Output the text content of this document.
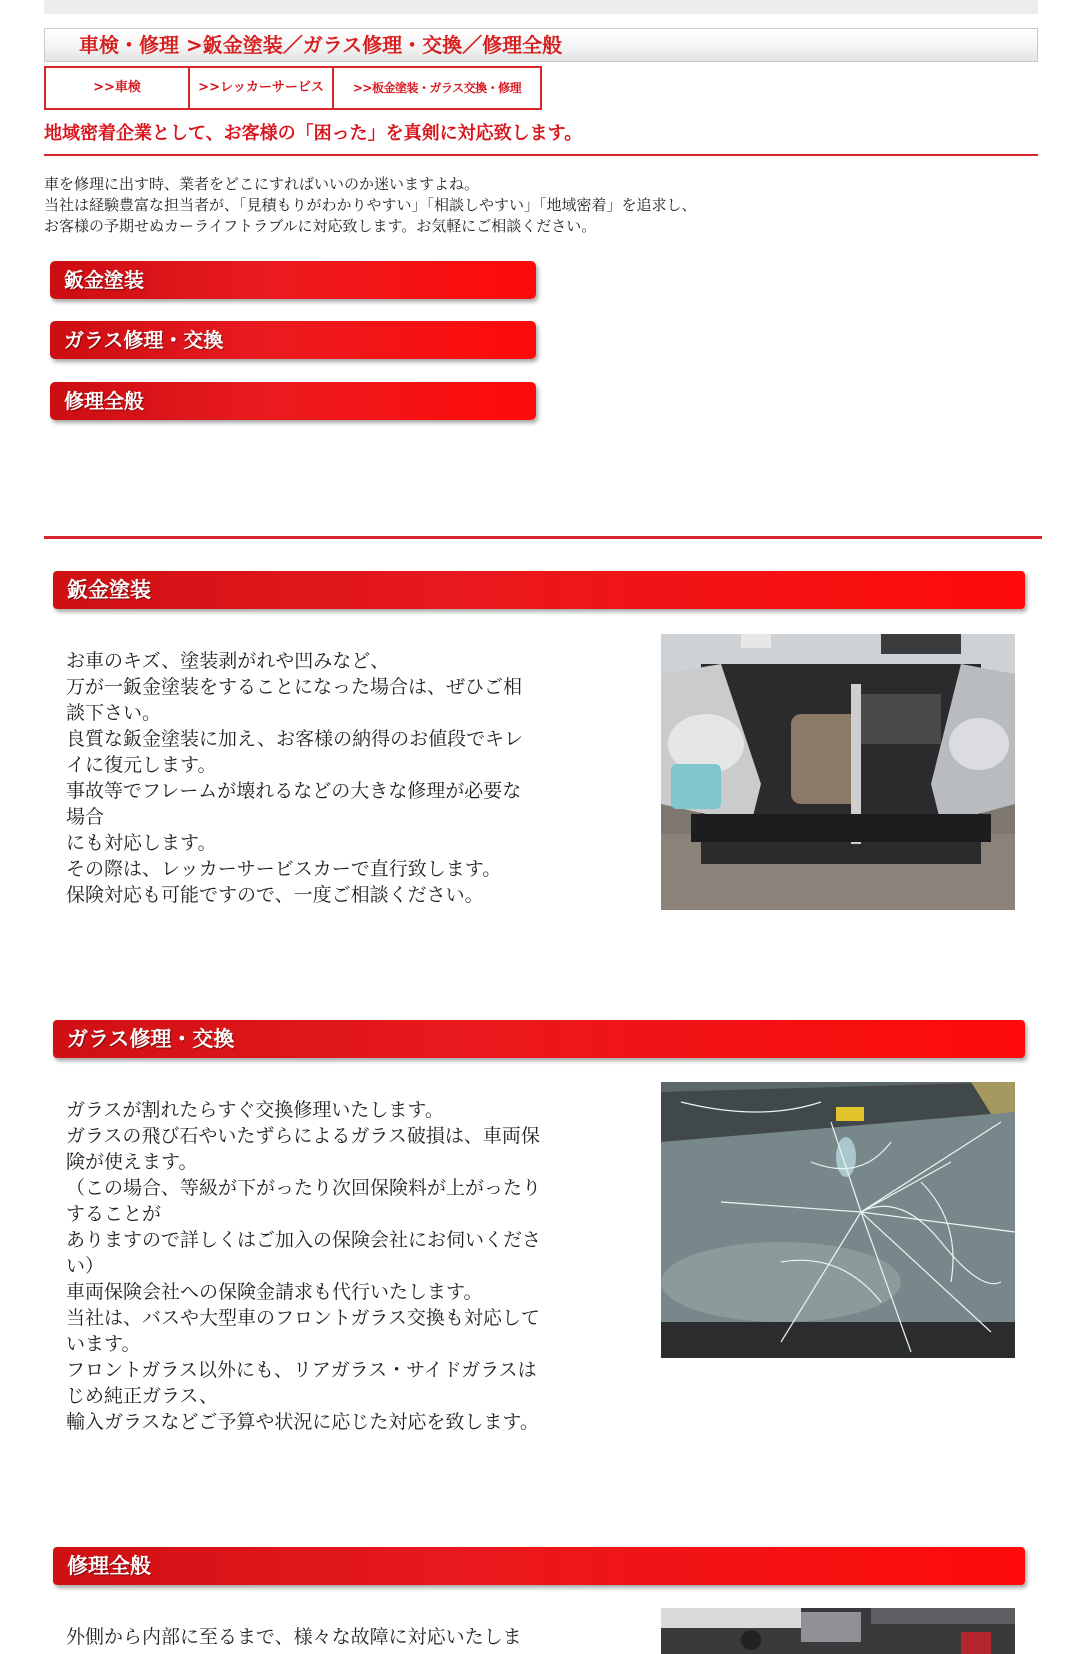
車検・修理 >鈑金塗装／ガラス修理・交換／修理全般
>>車検	>>レッカーサービス	>>板金塗装・ガラス交換・修理
地域密着企業として、お客様の「困った」を真剣に対応致します。
車を修理に出す時、業者をどこにすればいいのか迷いますよね。
当社は経験豊富な担当者が、「見積もりがわかりやすい」「相談しやすい」「地域密着」を追求し、
お客様の予期せぬカーライフトラブルに対応致します。お気軽にご相談ください。
鈑金塗装
ガラス修理・交換
修理全般
鈑金塗装
お車のキズ、塗装剥がれや凹みなど、
万が一鈑金塗装をすることになった場合は、ぜひご相
談下さい。
良質な鈑金塗装に加え、お客様の納得のお値段でキレ
イに復元します。
事故等でフレームが壊れるなどの大きな修理が必要な
場合
にも対応します。
その際は、レッカーサービスカーで直行致します。
保険対応も可能ですので、一度ご相談ください。
ガラス修理・交換
ガラスが割れたらすぐ交換修理いたします。
ガラスの飛び石やいたずらによるガラス破損は、車両保
険が使えます。
（この場合、等級が下がったり次回保険料が上がったり
することが
ありますので詳しくはご加入の保険会社にお伺いくださ
い）
車両保険会社への保険金請求も代行いたします。
当社は、バスや大型車のフロントガラス交換も対応して
います。
フロントガラス以外にも、リアガラス・サイドガラスは
じめ純正ガラス、
輸入ガラスなどご予算や状況に応じた対応を致します。
修理全般
外側から内部に至るまで、様々な故障に対応いたしま
